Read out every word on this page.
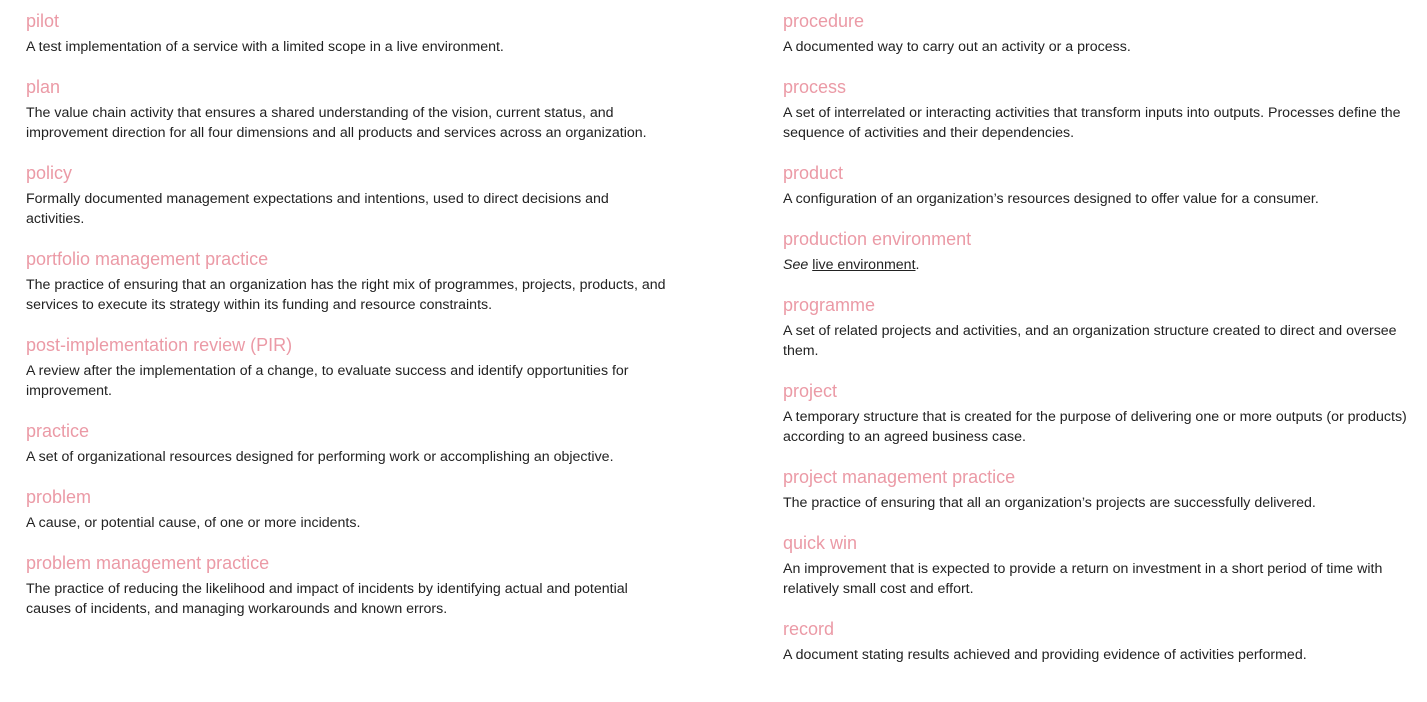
pilot

A test implementation of a service with a limited scope in a live environment.

plan

The value chain activity that ensures a shared understanding of the vision, current status, and improvement direction for all four dimensions and all products and services across an organization.

policy

Formally documented management expectations and intentions, used to direct decisions and activities.

portfolio management practice

The practice of ensuring that an organization has the right mix of programmes, projects, products, and services to execute its strategy within its funding and resource constraints.

post-implementation review (PIR)

A review after the implementation of a change, to evaluate success and identify opportunities for improvement.

practice

A set of organizational resources designed for performing work or accomplishing an objective.

problem

A cause, or potential cause, of one or more incidents.

problem management practice

The practice of reducing the likelihood and impact of incidents by identifying actual and potential causes of incidents, and managing workarounds and known errors.

procedure

A documented way to carry out an activity or a process.

process

A set of interrelated or interacting activities that transform inputs into outputs. Processes define the sequence of activities and their dependencies.

product

A configuration of an organization’s resources designed to offer value for a consumer.

production environment

See live environment.

programme

A set of related projects and activities, and an organization structure created to direct and oversee them.

project

A temporary structure that is created for the purpose of delivering one or more outputs (or products) according to an agreed business case.

project management practice

The practice of ensuring that all an organization’s projects are successfully delivered.

quick win

An improvement that is expected to provide a return on investment in a short period of time with relatively small cost and effort.

record

A document stating results achieved and providing evidence of activities performed.
